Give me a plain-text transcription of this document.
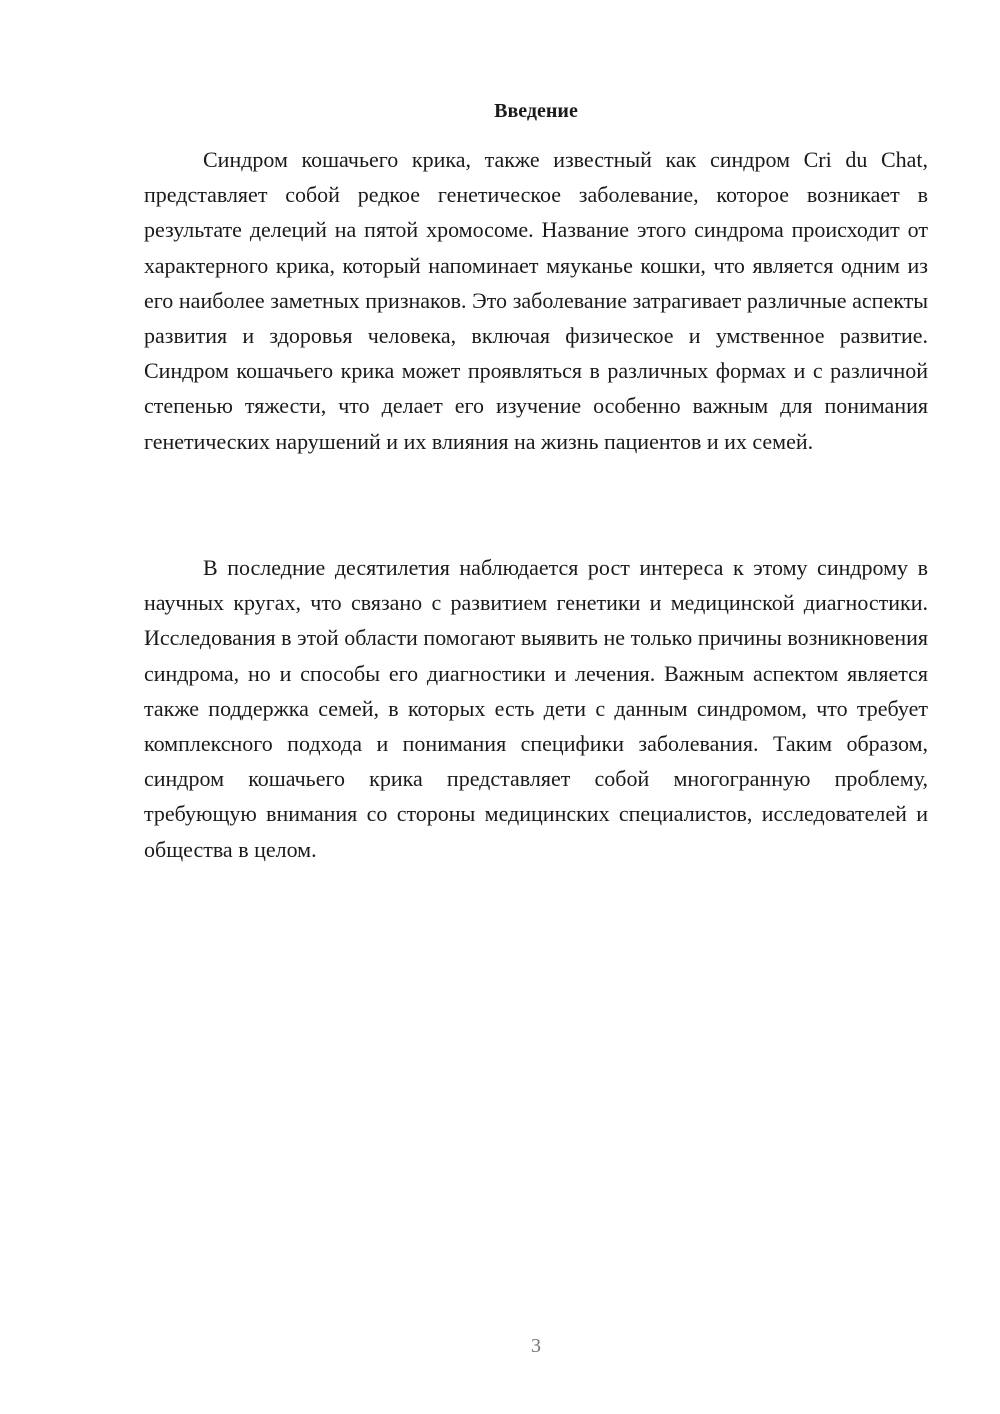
Введение

Синдром кошачьего крика, также известный как синдром Cri du Chat, представляет собой редкое генетическое заболевание, которое возникает в результате делеций на пятой хромосоме. Название этого синдрома происходит от характерного крика, который напоминает мяуканье кошки, что является одним из его наиболее заметных признаков. Это заболевание затрагивает различные аспекты развития и здоровья человека, включая физическое и умственное развитие. Синдром кошачьего крика может проявляться в различных формах и с различной степенью тяжести, что делает его изучение особенно важным для понимания генетических нарушений и их влияния на жизнь пациентов и их семей.

В последние десятилетия наблюдается рост интереса к этому синдрому в научных кругах, что связано с развитием генетики и медицинской диагностики. Исследования в этой области помогают выявить не только причины возникновения синдрома, но и способы его диагностики и лечения. Важным аспектом является также поддержка семей, в которых есть дети с данным синдромом, что требует комплексного подхода и понимания специфики заболевания. Таким образом, синдром кошачьего крика представляет собой многогранную проблему, требующую внимания со стороны медицинских специалистов, исследователей и общества в целом.

3
